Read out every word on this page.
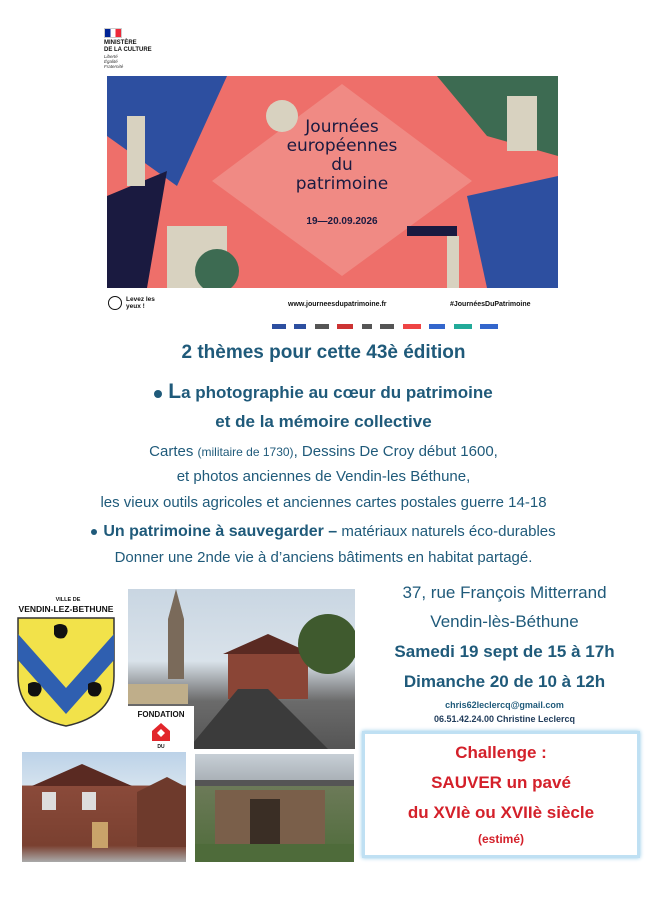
MINISTÈRE
DE LA CULTURE
Liberté
Égalité
Fraternité
Journées
européennes
du
patrimoine
19—20.09.2026
Levez les yeux !	www.journeesdupatrimoine.fr	#JournéesDuPatrimoine

2 thèmes pour cette 43è édition
La photographie au cœur du patrimoine
et de la mémoire collective
Cartes (militaire de 1730), Dessins De Croy début 1600,
et photos anciennes de Vendin-les Béthune,
les vieux outils agricoles et anciennes cartes postales guerre 14-18
Un patrimoine à sauvegarder – matériaux naturels éco-durables
Donner une 2nde vie à d’anciens bâtiments en habitat partagé.
VILLE DE
VENDIN-LEZ-BETHUNE
FONDATION
DU
37, rue François Mitterrand
Vendin-lès-Béthune
Samedi 19 sept de 15 à 17h
Dimanche 20 de 10 à 12h
chris62leclercq@gmail.com
06.51.42.24.00 Christine Leclercq
Challenge :
SAUVER un pavé
du XVIè ou XVIIè siècle
(estimé)
